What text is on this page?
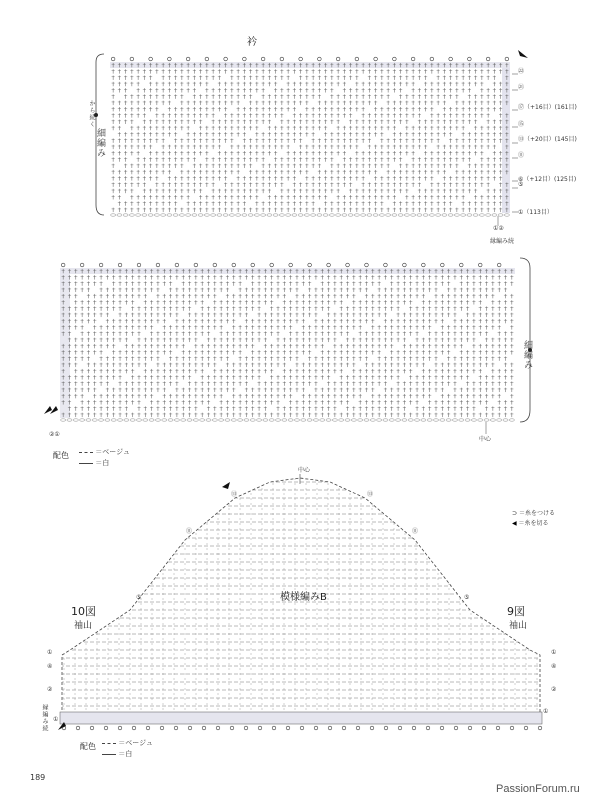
衿
細編み
から続く
㉒
㉑
⑰（+16目）(161目)
⑮
⑬（+20目）(145目)
⑪
⑥（+12目）(125目)
⑤
①（113目）
①②
縁編み続
細編み
②①
中心
配色	＝ベージュ
＝白
中心
模様編みB
10図
袖山
9図
袖山
⑬
⑪
⑤
①
④
②
①
⑬
⑪
⑤
①
④
②
①
⊃ ＝糸をつける
◀ ＝糸を切る
縁編み続
配色	＝ベージュ
＝白
189
PassionForum.ru
